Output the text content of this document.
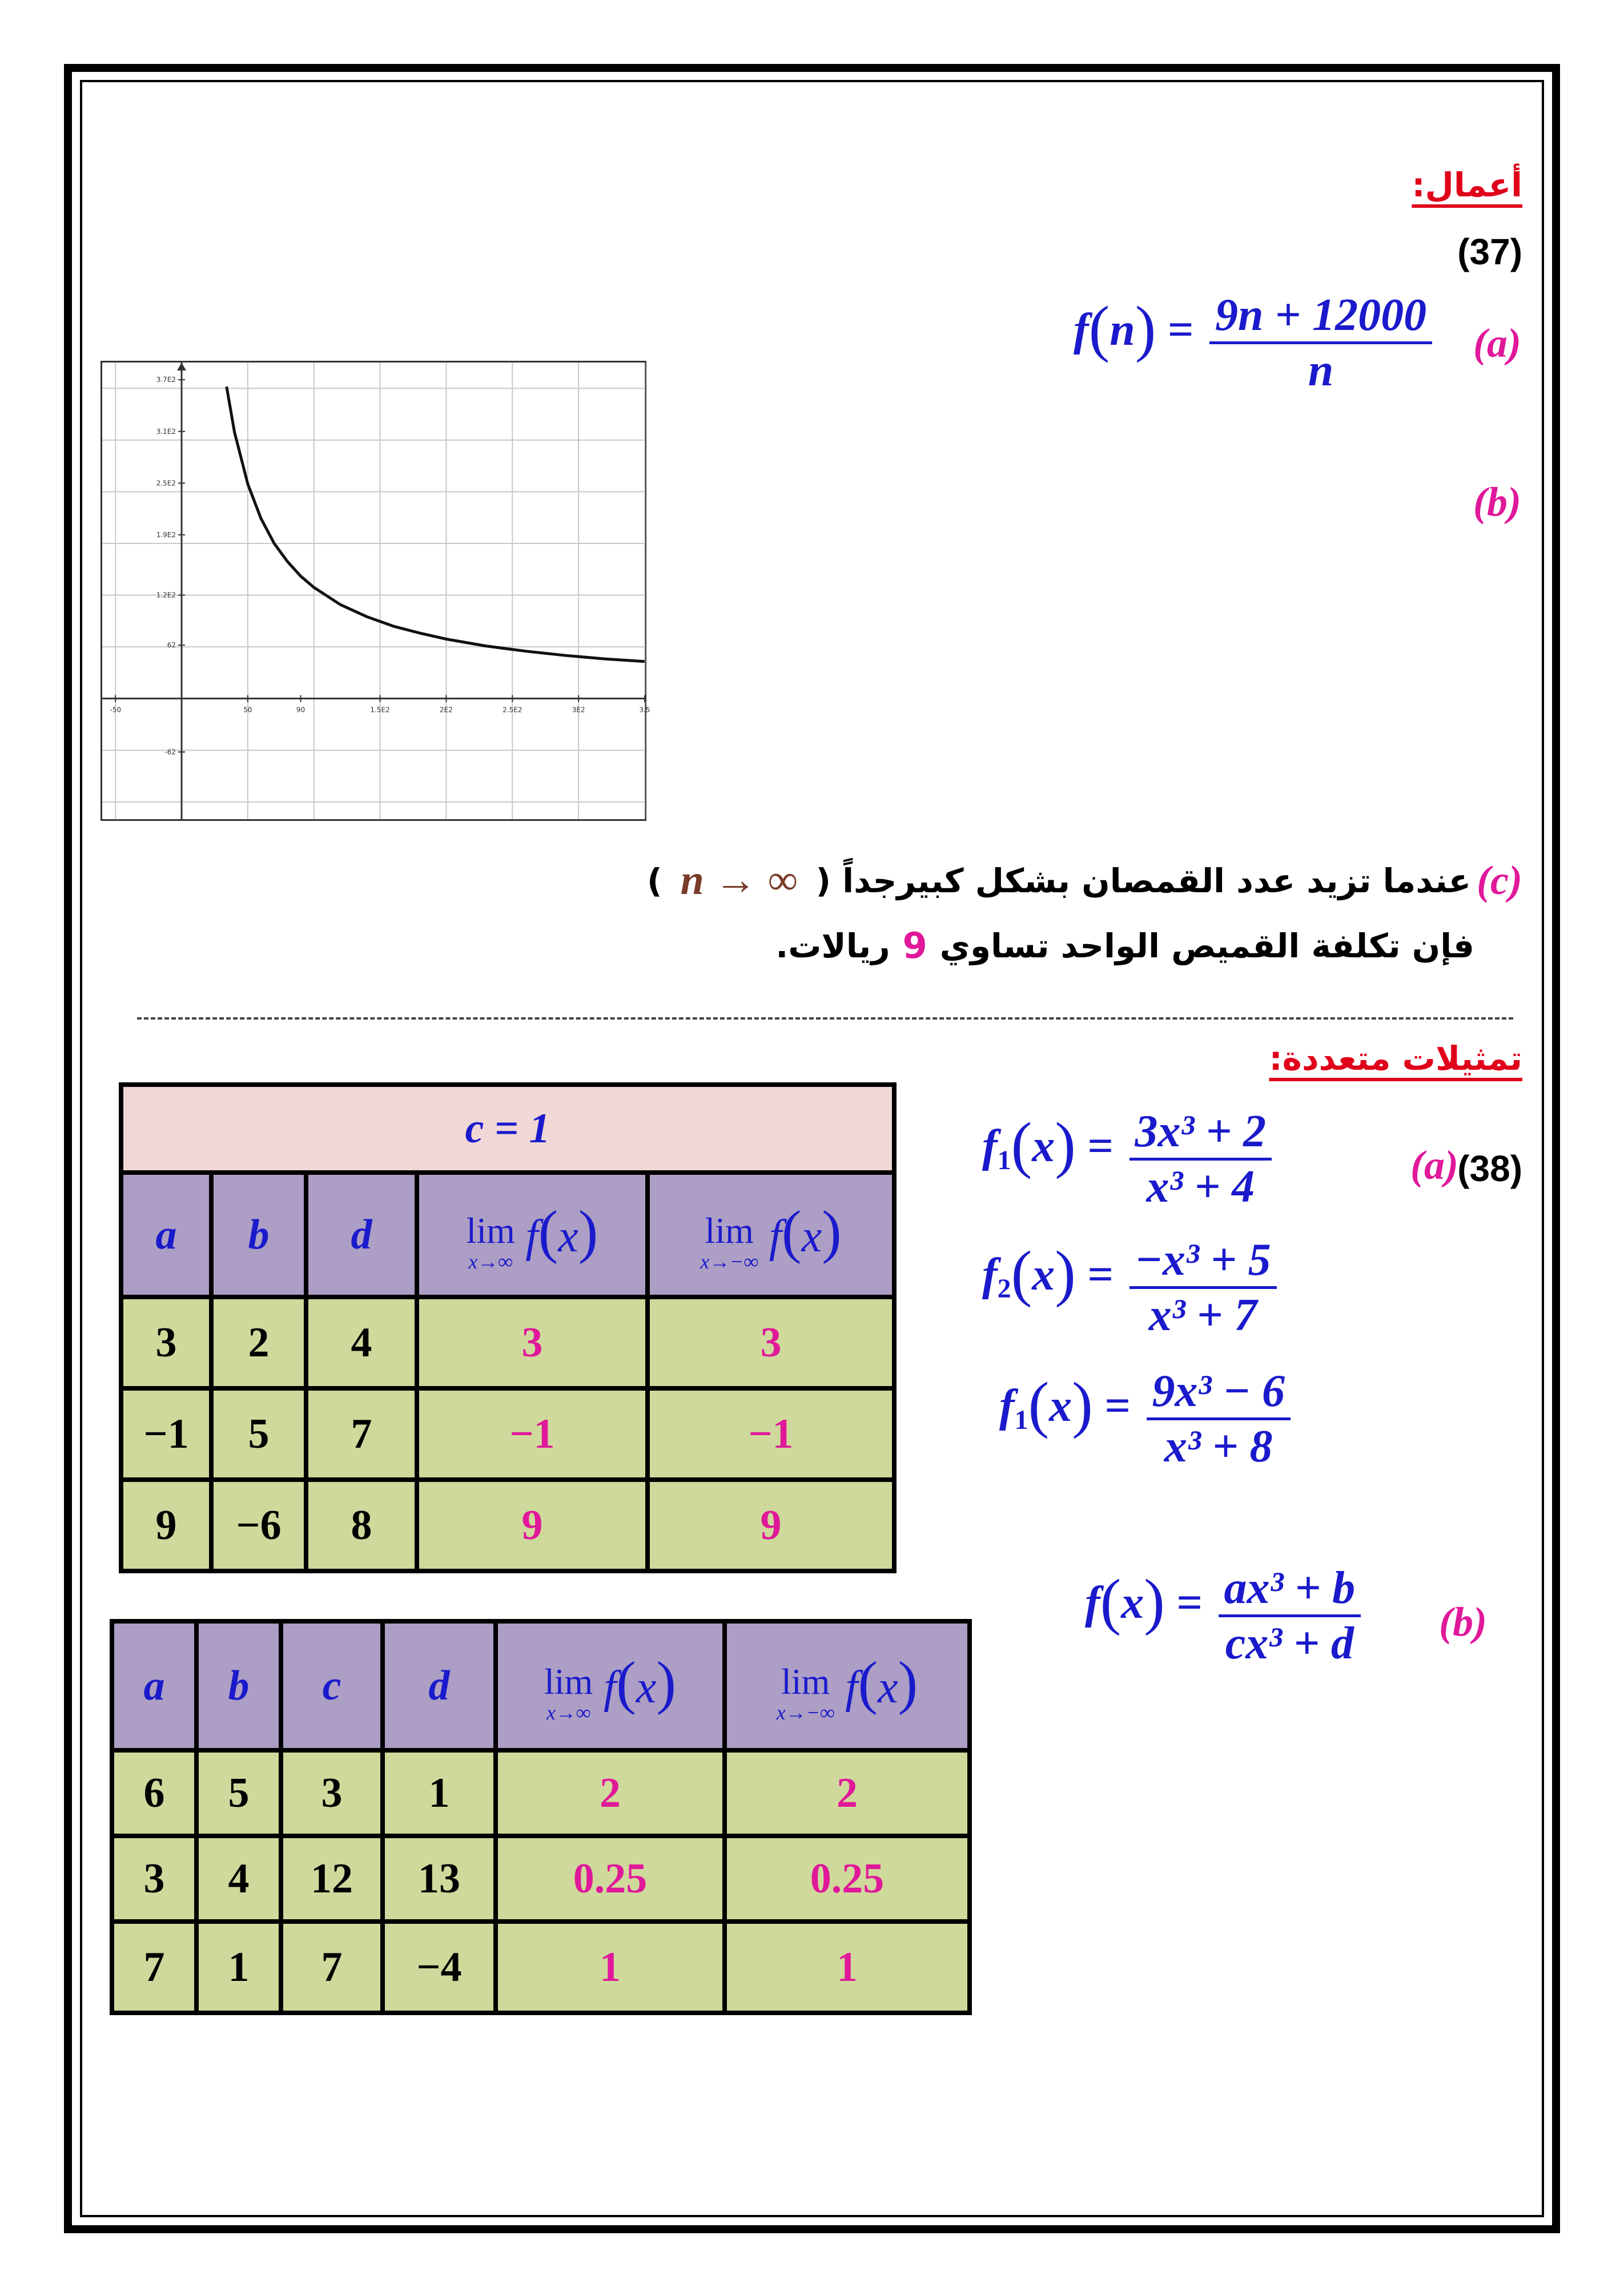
أعمال:
(37)
$f(n) = \frac{9n + 12000}{n} (a)$
(b)
-50	50	90	1.5E2	2E2	2.5E2	3E2	3.5
3.7E2
3.1E2
2.5E2
1.9E2
1.2E2
62
-62
(c)
عندما تزيد عدد القمصان بشكل كبيرجداً (
n → ∞
)
فإن تكلفة القميص الواحد تساوي
9
ريالات.
تمثيلات متعددة:
(38)
(a)
$f_1(x) = \frac{\text{3x³ + 2}}{\text{x³ + 4}}$
$f_2(x) = \frac{\text{−x³ + 5}}{\text{x³ + 7}}$
$f_1(x) = \frac{\text{9x³ − 6}}{\text{x³ + 8}}$
$f(x) = \frac{\text{ax³ + b}}{\text{cx³ + d}} (b)$
c = 1				
a	b	d	lim
x→∞ f(x)	lim
x→−∞ f(x)
3	2	4	3	3
−1	5	7	−1	−1
9	−6	8	9	9
a	b	c	d	lim
x→∞ f(x)	lim
x→−∞ f(x)
6	5	3	1	2	2
3	4	12	13	0.25	0.25
7	1	7	−4	1	1
